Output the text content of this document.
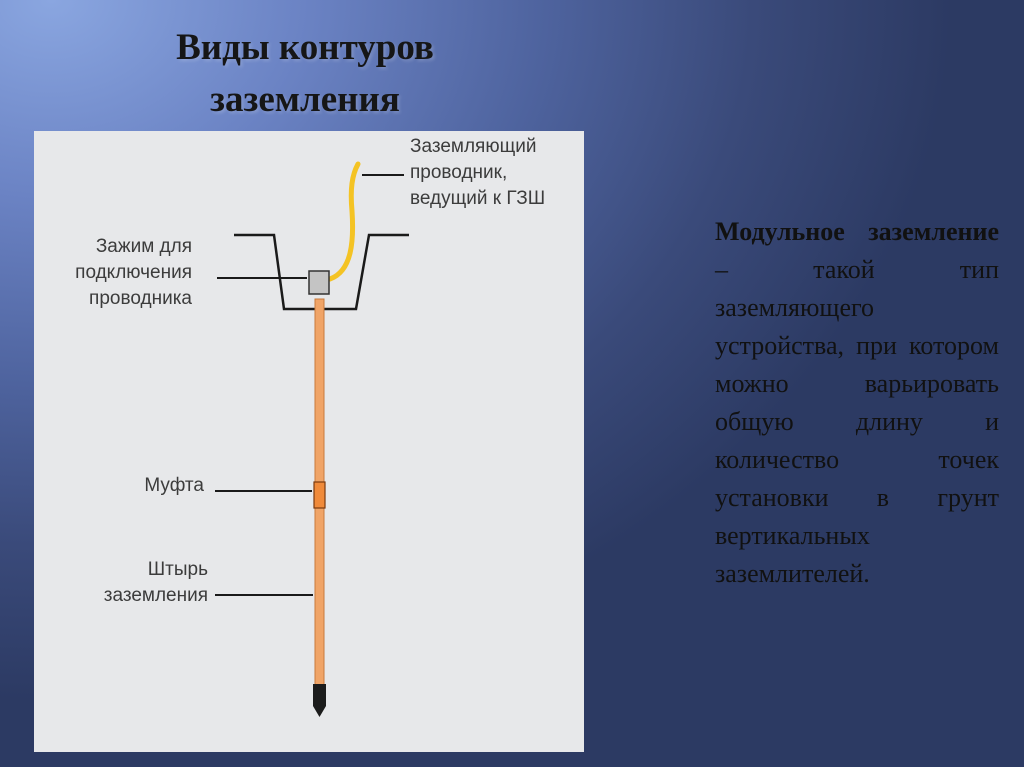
Виды контуров
заземления
Заземляющий
проводник,
ведущий к ГЗШ
Зажим для
подключения
проводника
Муфта
Штырь
заземления
Модульное заземление – такой тип заземляющего устройства, при котором можно варьировать общую длину и количество точек установки в грунт вертикальных заземлителей.
